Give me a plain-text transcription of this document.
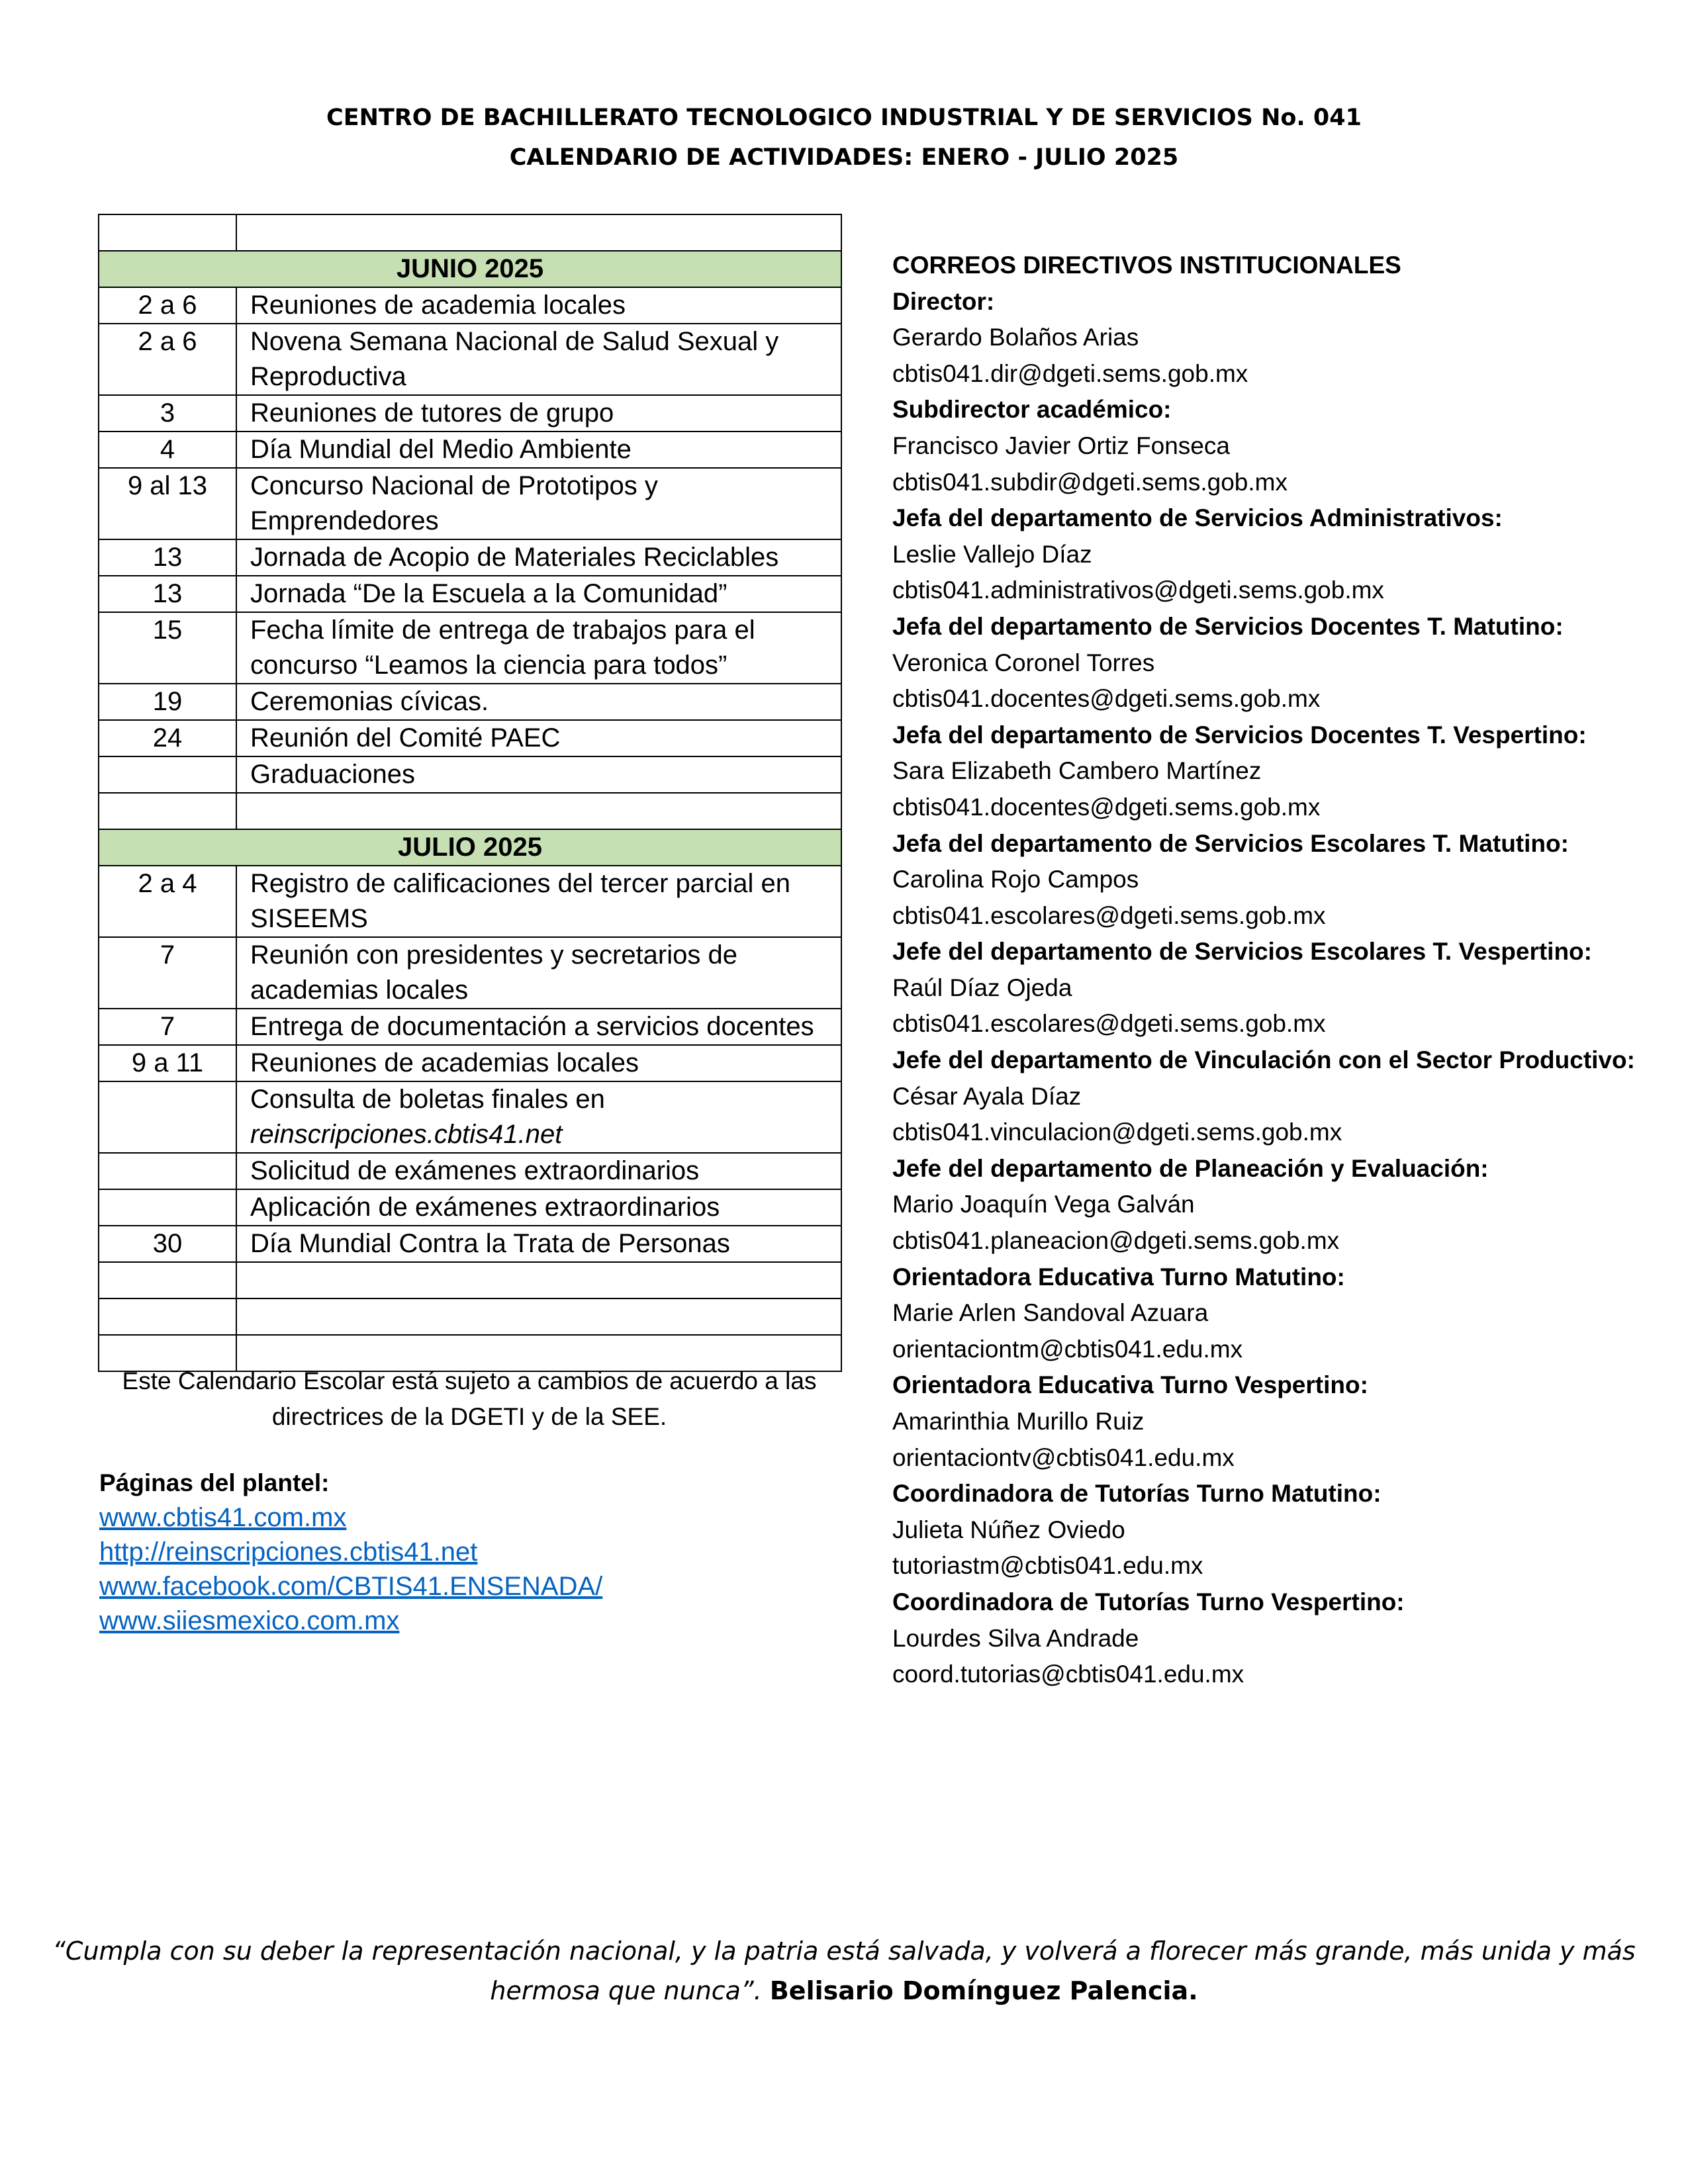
CENTRO DE BACHILLERATO TECNOLOGICO INDUSTRIAL Y DE SERVICIOS No. 041
CALENDARIO DE ACTIVIDADES: ENERO - JULIO 2025

JUNIO 2025	
2 a 6	Reuniones de academia locales
2 a 6	Novena Semana Nacional de Salud Sexual y Reproductiva
3	Reuniones de tutores de grupo
4	Día Mundial del Medio Ambiente
9 al 13	Concurso Nacional de Prototipos y Emprendedores
13	Jornada de Acopio de Materiales Reciclables
13	Jornada “De la Escuela a la Comunidad”
15	Fecha límite de entrega de trabajos para el concurso “Leamos la ciencia para todos”
19	Ceremonias cívicas.
24	Reunión del Comité PAEC
	Graduaciones

JULIO 2025	
2 a 4	Registro de calificaciones del tercer parcial en SISEEMS
7	Reunión con presidentes y secretarios de academias locales
7	Entrega de documentación a servicios docentes
9 a 11	Reuniones de academias locales

	Consulta de boletas finales en
reinscripciones.cbtis41.net

	Solicitud de exámenes extraordinarios
	Aplicación de exámenes extraordinarios
30	Día Mundial Contra la Trata de Personas

Este Calendario Escolar está sujeto a cambios de acuerdo a las directrices de la DGETI y de la SEE.
Páginas del plantel:
www.cbtis41.com.mx
http://reinscripciones.cbtis41.net
www.facebook.com/CBTIS41.ENSENADA/
www.siiesmexico.com.mx
CORREOS DIRECTIVOS INSTITUCIONALES
Director:
Gerardo Bolaños Arias
cbtis041.dir@dgeti.sems.gob.mx
Subdirector académico:
Francisco Javier Ortiz Fonseca
cbtis041.subdir@dgeti.sems.gob.mx
Jefa del departamento de Servicios Administrativos:
Leslie Vallejo Díaz
cbtis041.administrativos@dgeti.sems.gob.mx
Jefa del departamento de Servicios Docentes T. Matutino:
Veronica Coronel Torres
cbtis041.docentes@dgeti.sems.gob.mx
Jefa del departamento de Servicios Docentes T. Vespertino:
Sara Elizabeth Cambero Martínez
cbtis041.docentes@dgeti.sems.gob.mx
Jefa del departamento de Servicios Escolares T. Matutino:
Carolina Rojo Campos
cbtis041.escolares@dgeti.sems.gob.mx
Jefe del departamento de Servicios Escolares T. Vespertino:
Raúl Díaz Ojeda
cbtis041.escolares@dgeti.sems.gob.mx
Jefe del departamento de Vinculación con el Sector Productivo:
César Ayala Díaz
cbtis041.vinculacion@dgeti.sems.gob.mx
Jefe del departamento de Planeación y Evaluación:
Mario Joaquín Vega Galván
cbtis041.planeacion@dgeti.sems.gob.mx
Orientadora Educativa Turno Matutino:
Marie Arlen Sandoval Azuara
orientaciontm@cbtis041.edu.mx
Orientadora Educativa Turno Vespertino:
Amarinthia Murillo Ruiz
orientaciontv@cbtis041.edu.mx
Coordinadora de Tutorías Turno Matutino:
Julieta Núñez Oviedo
tutoriastm@cbtis041.edu.mx
Coordinadora de Tutorías Turno Vespertino:
Lourdes Silva Andrade
coord.tutorias@cbtis041.edu.mx
“Cumpla con su deber la representación nacional, y la patria está salvada, y volverá a florecer más grande, más unida y más hermosa que nunca”. Belisario Domínguez Palencia.
